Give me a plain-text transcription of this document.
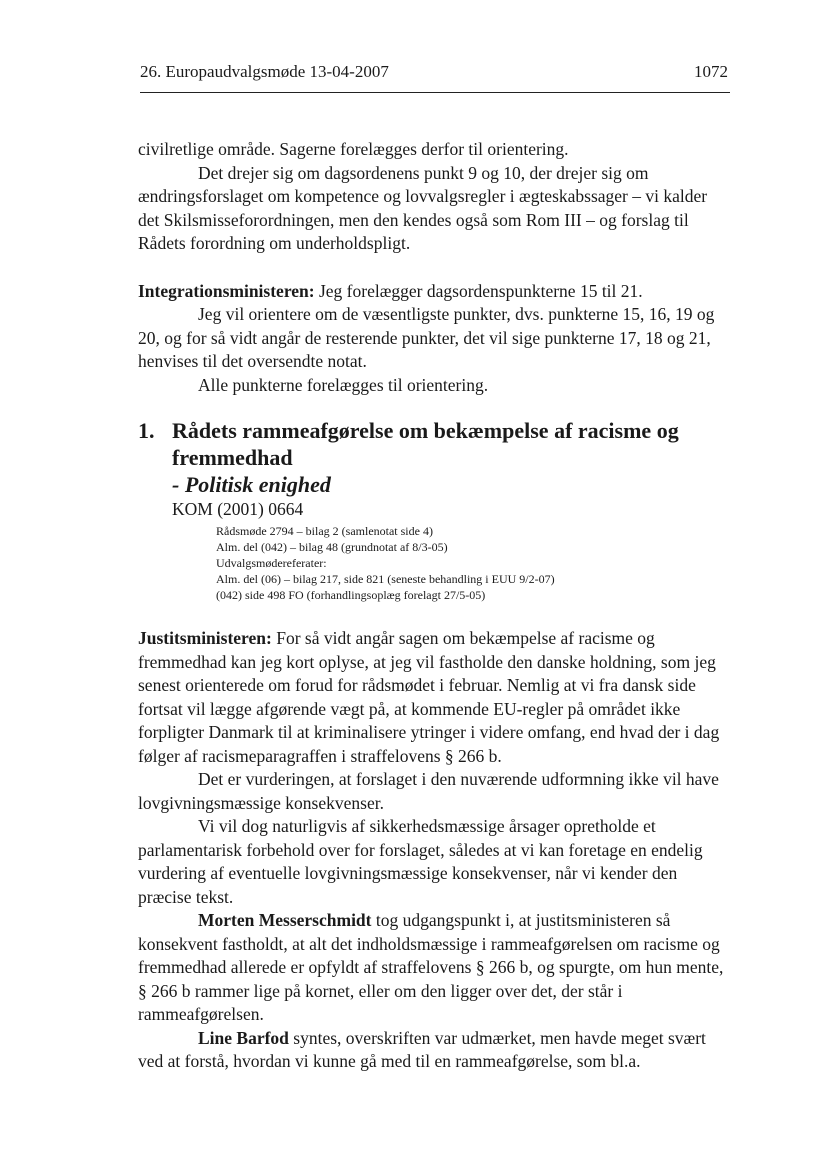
26. Europaudvalgsmøde 13-04-2007	1072

civilretlige område. Sagerne forelægges derfor til orientering.

Det drejer sig om dagsordenens punkt 9 og 10, der drejer sig om ændringsforslaget om kompetence og lovvalgsregler i ægteskabssager – vi kalder det Skilsmisseforordningen, men den kendes også som Rom III – og forslag til Rådets forordning om underholdspligt.

Integrationsministeren: Jeg forelægger dagsordenspunkterne 15 til 21.

Jeg vil orientere om de væsentligste punkter, dvs. punkterne 15, 16, 19 og 20, og for så vidt angår de resterende punkter, det vil sige punkterne 17, 18 og 21, henvises til det oversendte notat.

Alle punkterne forelægges til orientering.

1. Rådets rammeafgørelse om bekæmpelse af racisme og fremmedhad
- Politisk enighed
KOM (2001) 0664
Rådsmøde 2794 – bilag 2 (samlenotat side 4)
Alm. del (042) – bilag 48 (grundnotat af 8/3-05)
Udvalgsmødereferater:
Alm. del (06) – bilag 217, side 821 (seneste behandling i EUU 9/2-07)
(042) side 498 FO (forhandlingsoplæg forelagt 27/5-05)

Justitsministeren: For så vidt angår sagen om bekæmpelse af racisme og fremmedhad kan jeg kort oplyse, at jeg vil fastholde den danske holdning, som jeg senest orienterede om forud for rådsmødet i februar. Nemlig at vi fra dansk side fortsat vil lægge afgørende vægt på, at kommende EU-regler på området ikke forpligter Danmark til at kriminalisere ytringer i videre omfang, end hvad der i dag følger af racismeparagraffen i straffelovens § 266 b.

Det er vurderingen, at forslaget i den nuværende udformning ikke vil have lovgivningsmæssige konsekvenser.

Vi vil dog naturligvis af sikkerhedsmæssige årsager opretholde et parlamentarisk forbehold over for forslaget, således at vi kan foretage en endelig vurdering af eventuelle lovgivningsmæssige konsekvenser, når vi kender den præcise tekst.

Morten Messerschmidt tog udgangspunkt i, at justitsministeren så konsekvent fastholdt, at alt det indholdsmæssige i rammeafgørelsen om racisme og fremmedhad allerede er opfyldt af straffelovens § 266 b, og spurgte, om hun mente, § 266 b rammer lige på kornet, eller om den ligger over det, der står i rammeafgørelsen.

Line Barfod syntes, overskriften var udmærket, men havde meget svært ved at forstå, hvordan vi kunne gå med til en rammeafgørelse, som bl.a.
